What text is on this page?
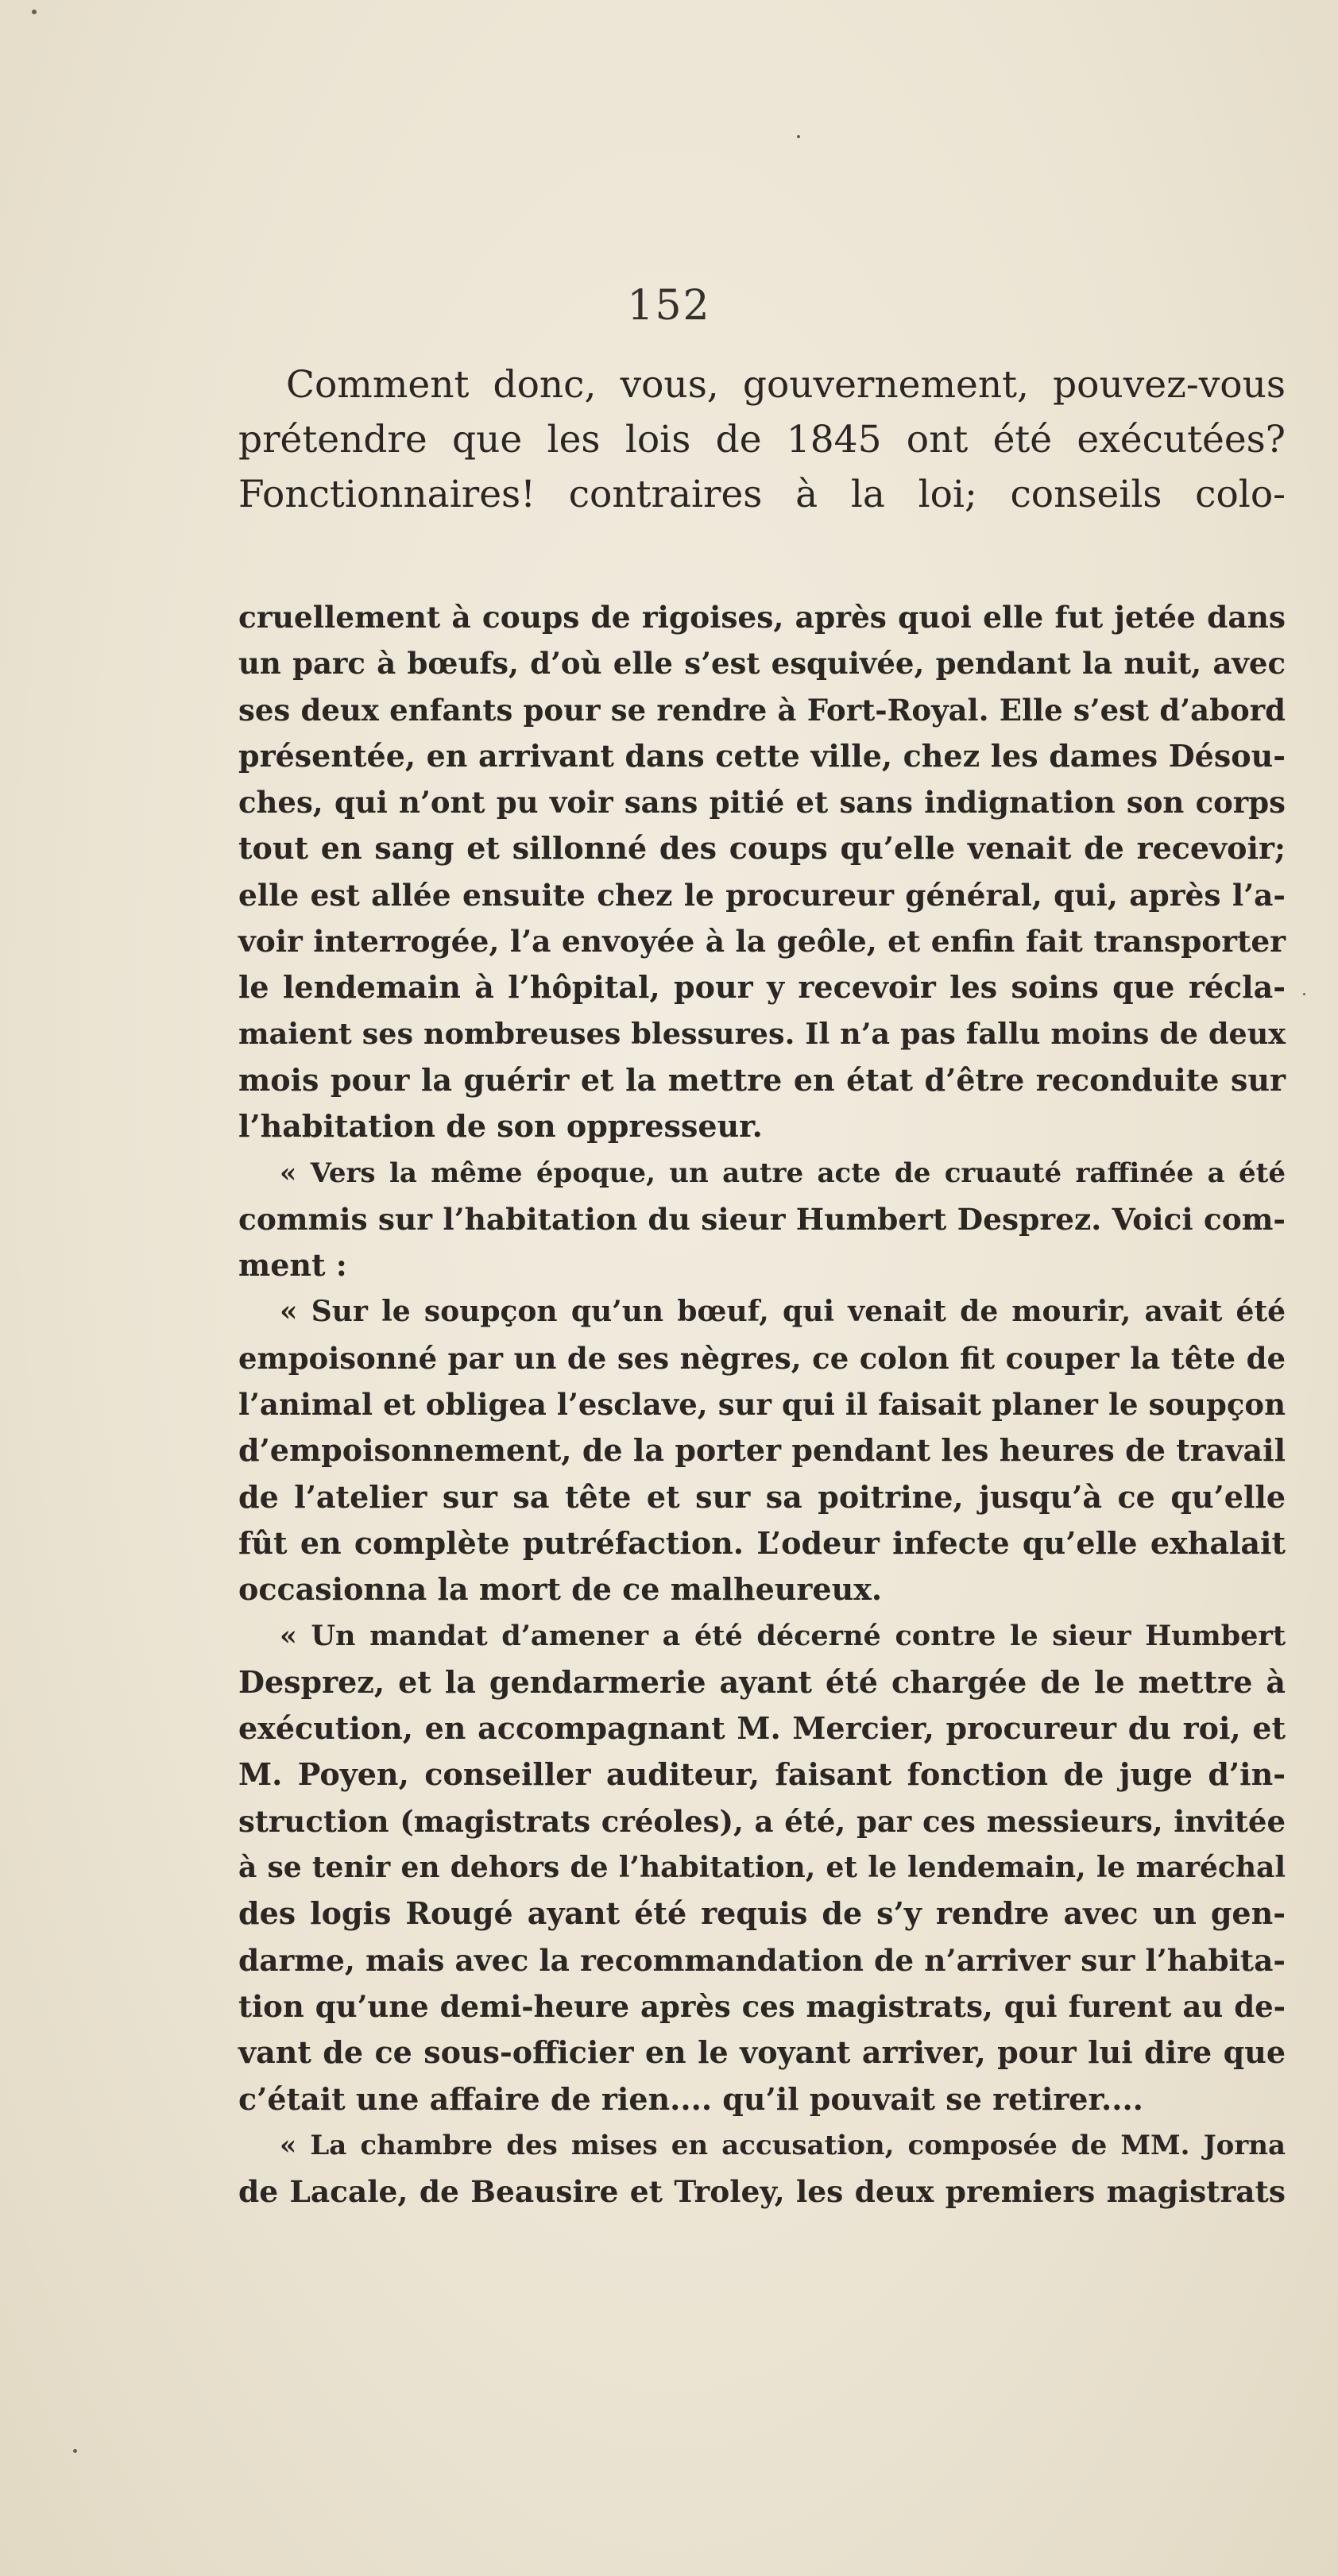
152
Comment donc, vous, gouvernement, pouvez-vous
prétendre que les lois de 1845 ont été exécutées?
Fonctionnaires! contraires à la loi; conseils colo-
cruellement à coups de rigoises, après quoi elle fut jetée dans
un parc à bœufs, d’où elle s’est esquivée, pendant la nuit, avec
ses deux enfants pour se rendre à Fort-Royal. Elle s’est d’abord
présentée, en arrivant dans cette ville, chez les dames Désou-
ches, qui n’ont pu voir sans pitié et sans indignation son corps
tout en sang et sillonné des coups qu’elle venait de recevoir;
elle est allée ensuite chez le procureur général, qui, après l’a-
voir interrogée, l’a envoyée à la geôle, et enfin fait transporter
le lendemain à l’hôpital, pour y recevoir les soins que récla-
maient ses nombreuses blessures. Il n’a pas fallu moins de deux
mois pour la guérir et la mettre en état d’être reconduite sur
l’habitation de son oppresseur.
« Vers la même époque, un autre acte de cruauté raffinée a été
commis sur l’habitation du sieur Humbert Desprez. Voici com-
ment :
« Sur le soupçon qu’un bœuf, qui venait de mourir, avait été
empoisonné par un de ses nègres, ce colon fit couper la tête de
l’animal et obligea l’esclave, sur qui il faisait planer le soupçon
d’empoisonnement, de la porter pendant les heures de travail
de l’atelier sur sa tête et sur sa poitrine, jusqu’à ce qu’elle
fût en complète putréfaction. L’odeur infecte qu’elle exhalait
occasionna la mort de ce malheureux.
« Un mandat d’amener a été décerné contre le sieur Humbert
Desprez, et la gendarmerie ayant été chargée de le mettre à
exécution, en accompagnant M. Mercier, procureur du roi, et
M. Poyen, conseiller auditeur, faisant fonction de juge d’in-
struction (magistrats créoles), a été, par ces messieurs, invitée
à se tenir en dehors de l’habitation, et le lendemain, le maréchal
des logis Rougé ayant été requis de s’y rendre avec un gen-
darme, mais avec la recommandation de n’arriver sur l’habita-
tion qu’une demi-heure après ces magistrats, qui furent au de-
vant de ce sous-officier en le voyant arriver, pour lui dire que
c’était une affaire de rien.... qu’il pouvait se retirer....
« La chambre des mises en accusation, composée de MM. Jorna
de Lacale, de Beausire et Troley, les deux premiers magistrats
